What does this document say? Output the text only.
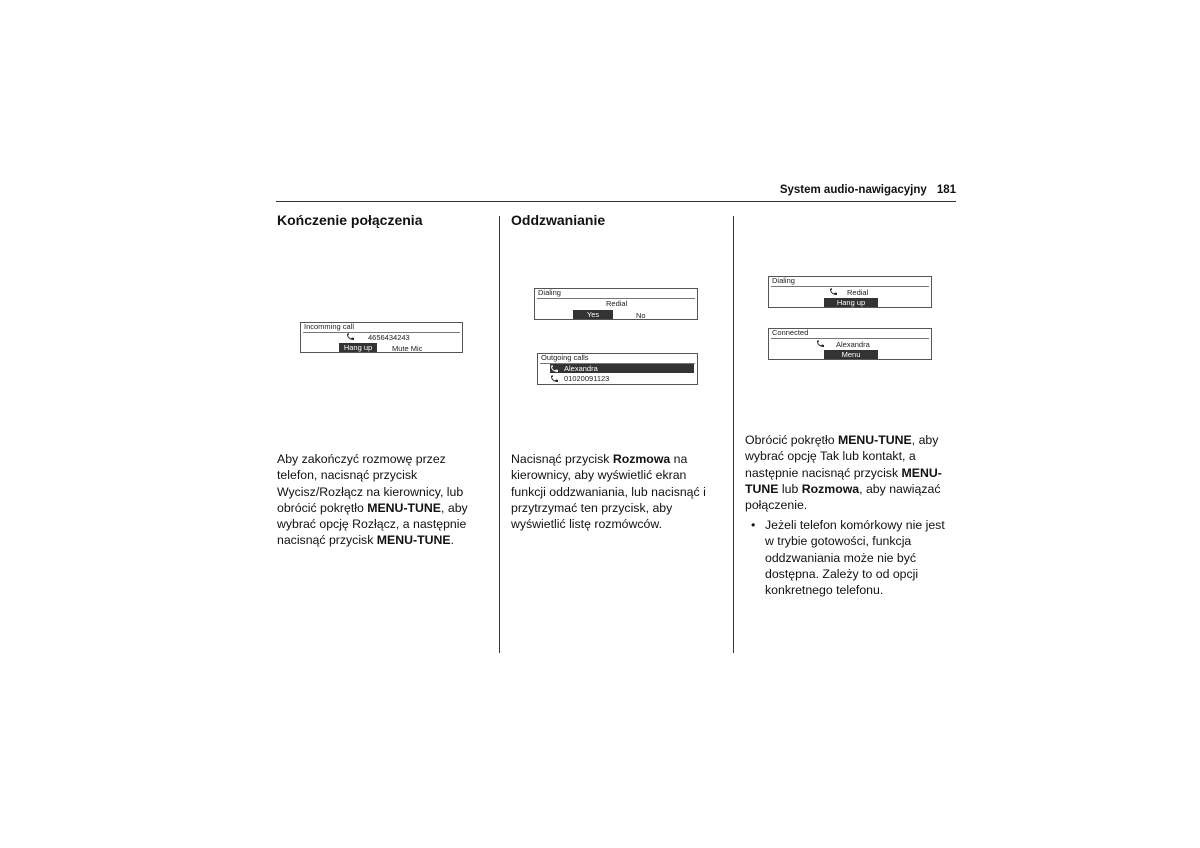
System audio-nawigacyjny 181
Kończenie połączenia
Incomming call
4656434243
Hang up	Mute Mic
Aby zakończyć rozmowę przez telefon, nacisnąć przycisk Wycisz/Rozłącz na kierownicy, lub obrócić pokrętło MENU-TUNE, aby wybrać opcję Rozłącz, a następnie nacisnąć przycisk MENU-TUNE.
Oddzwanianie
Dialing
Redial
Yes	No
Outgoing calls
Alexandra
01020091123
Nacisnąć przycisk Rozmowa na kierownicy, aby wyświetlić ekran funkcji oddzwaniania, lub nacisnąć i przytrzymać ten przycisk, aby wyświetlić listę rozmówców.
Dialing
Redial
Hang up
Connected
Alexandra
Menu
Obrócić pokrętło MENU-TUNE, aby wybrać opcję Tak lub kontakt, a następnie nacisnąć przycisk MENU-TUNE lub Rozmowa, aby nawiązać połączenie.
• Jeżeli telefon komórkowy nie jest w trybie gotowości, funkcja oddzwaniania może nie być dostępna. Zależy to od opcji konkretnego telefonu.
